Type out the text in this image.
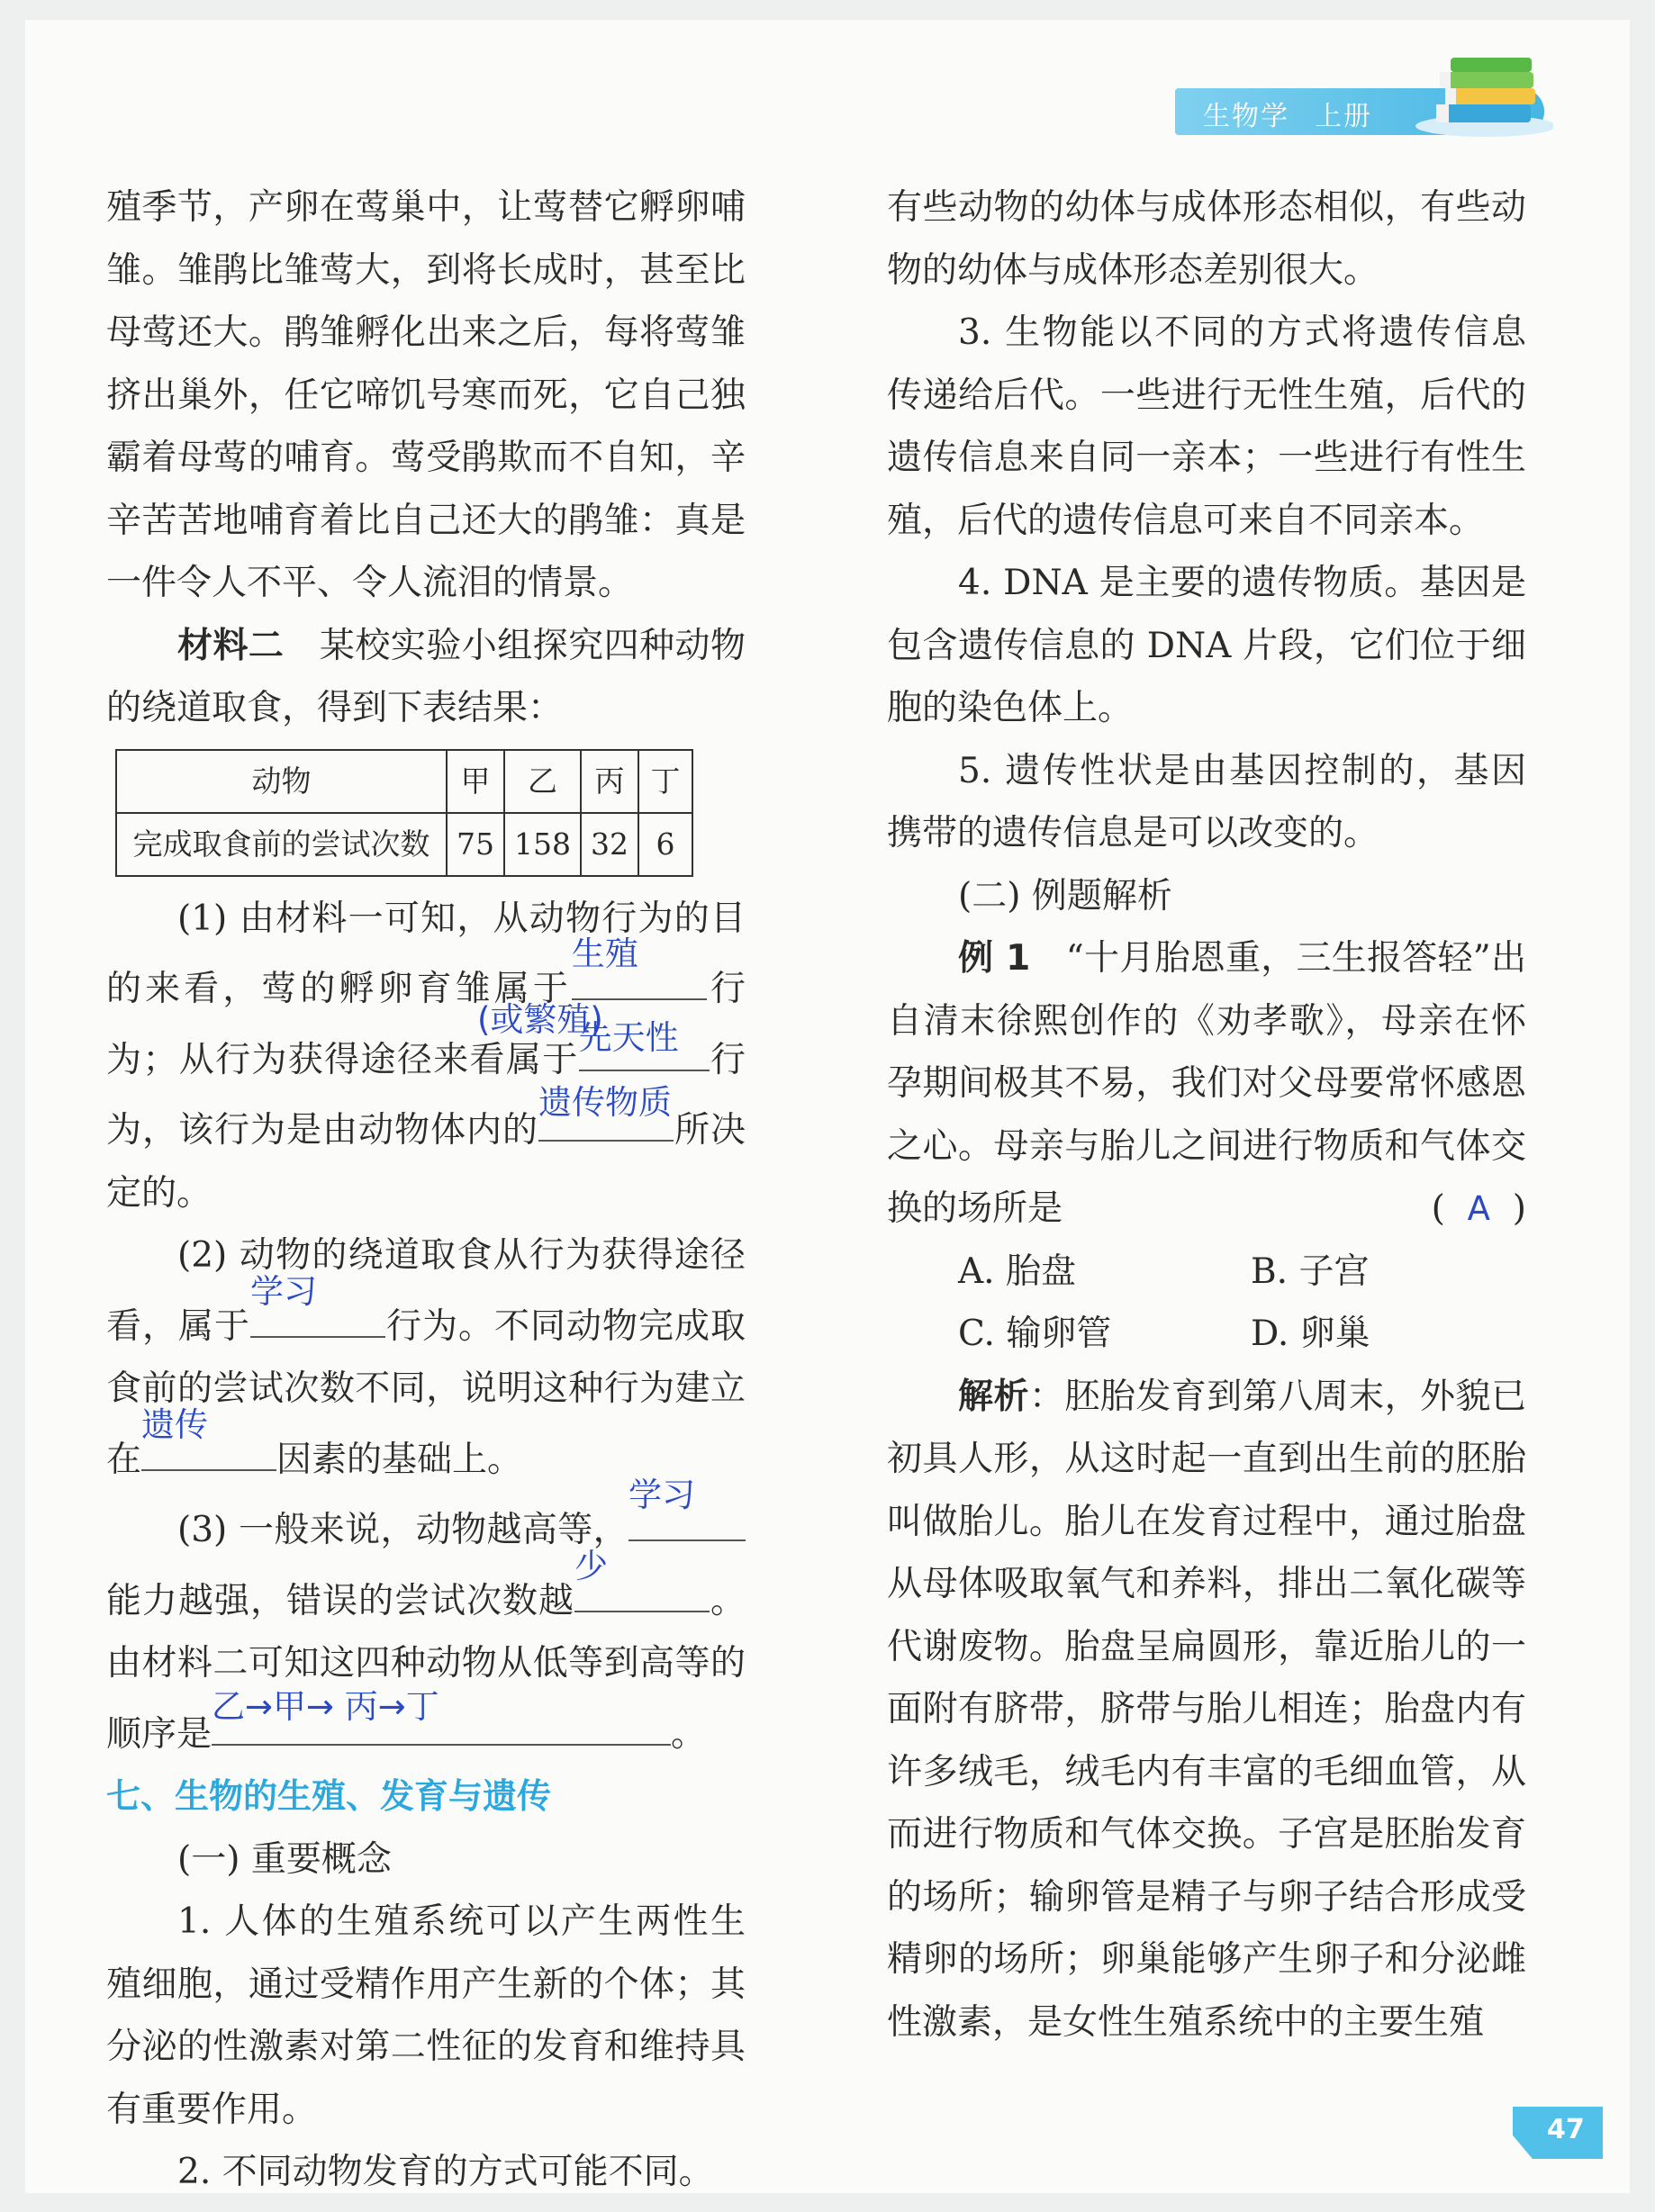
生物学 上册

殖季节，产卵在莺巢中，让莺替它孵卵哺雏。雏鹃比雏莺大，到将长成时，甚至比母莺还大。鹃雏孵化出来之后，每将莺雏挤出巢外，任它啼饥号寒而死，它自己独霸着母莺的哺育。莺受鹃欺而不自知，辛辛苦苦地哺育着比自己还大的鹃雏：真是一件令人不平、令人流泪的情景。

材料二　某校实验小组探究四种动物的绕道取食，得到下表结果：

动物	甲	乙	丙	丁
完成取食前的尝试次数	75	158	32	6

(1) 由材料一可知，从动物行为的目的来看，莺的孵卵育雏属于
生殖
行为；从行为获得途径来看属于
先天性
行为，该行为是由动物体内的
遗传物质
所决定的。

(2) 动物的绕道取食从行为获得途径看，属于
学习
行为。不同动物完成取食前的尝试次数不同，说明这种行为建立在
遗传
因素的基础上。

(3) 一般来说，动物越高等，
学习
能力越强，错误的尝试次数越
少
。由材料二可知这四种动物从低等到高等的顺序是
乙→甲→ 丙→丁
。

七、生物的生殖、发育与遗传

(一) 重要概念

1. 人体的生殖系统可以产生两性生殖细胞，通过受精作用产生新的个体；其分泌的性激素对第二性征的发育和维持具有重要作用。

2. 不同动物发育的方式可能不同。

(或繁殖)

有些动物的幼体与成体形态相似，有些动物的幼体与成体形态差别很大。

3. 生物能以不同的方式将遗传信息传递给后代。一些进行无性生殖，后代的遗传信息来自同一亲本；一些进行有性生殖，后代的遗传信息可来自不同亲本。

4. DNA 是主要的遗传物质。基因是包含遗传信息的 DNA 片段，它们位于细胞的染色体上。

5. 遗传性状是由基因控制的，基因携带的遗传信息是可以改变的。

(二) 例题解析

例 1　“十月胎恩重，三生报答轻”出自清末徐熙创作的《劝孝歌》，母亲在怀孕期间极其不易，我们对父母要常怀感恩之心。母亲与胎儿之间进行物质和气体交换的场所是	( A )

A. 胎盘	B. 子宫

C. 输卵管	D. 卵巢

解析：胚胎发育到第八周末，外貌已初具人形，从这时起一直到出生前的胚胎叫做胎儿。胎儿在发育过程中，通过胎盘从母体吸取氧气和养料，排出二氧化碳等代谢废物。胎盘呈扁圆形，靠近胎儿的一面附有脐带，脐带与胎儿相连；胎盘内有许多绒毛，绒毛内有丰富的毛细血管，从而进行物质和气体交换。子宫是胚胎发育的场所；输卵管是精子与卵子结合形成受精卵的场所；卵巢能够产生卵子和分泌雌性激素，是女性生殖系统中的主要生殖

47
